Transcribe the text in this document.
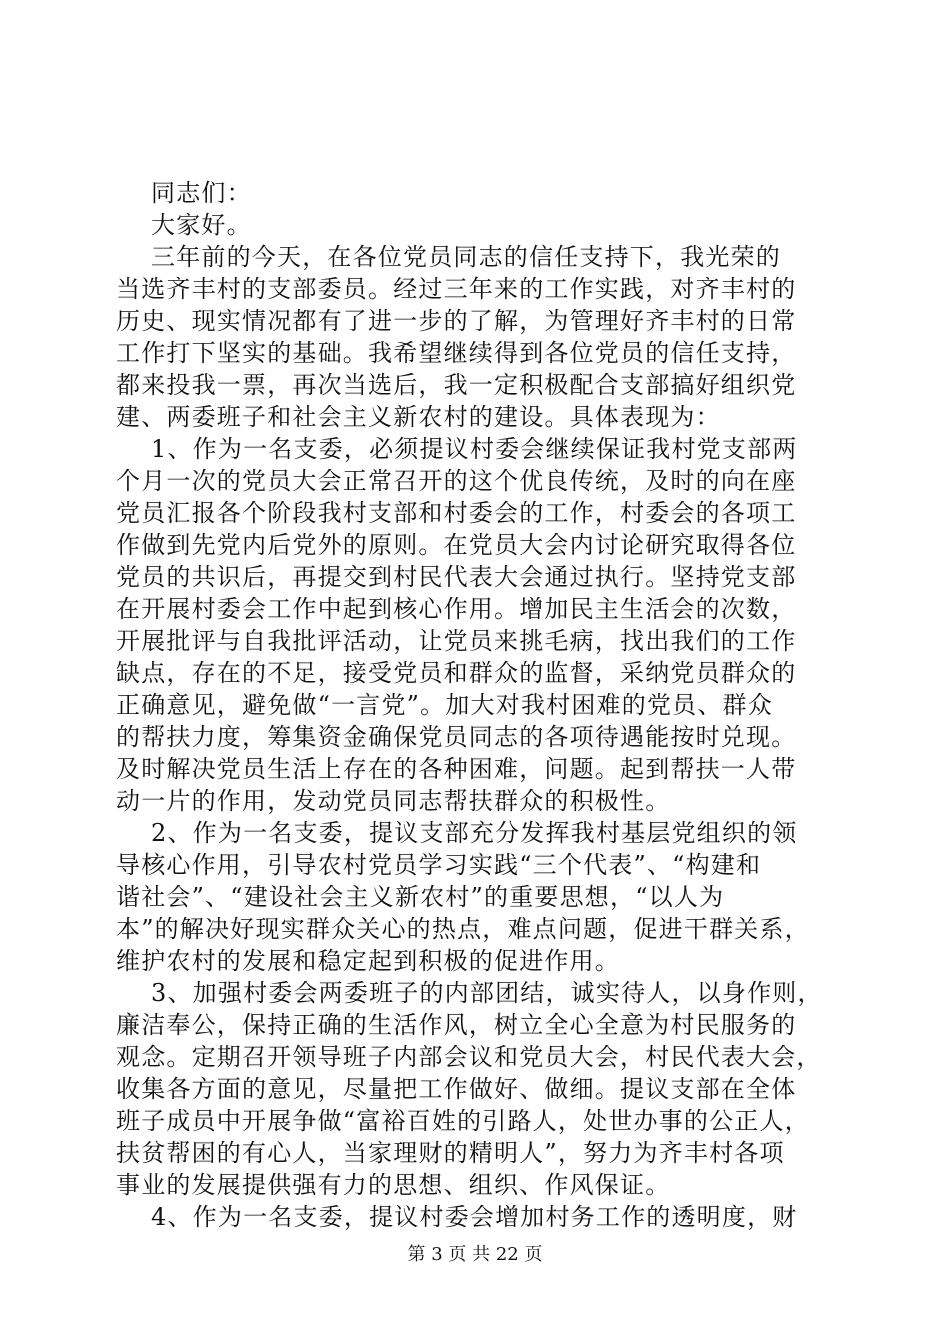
同志们：
大家好。
三年前的今天，在各位党员同志的信任支持下，我光荣的
当选齐丰村的支部委员。经过三年来的工作实践，对齐丰村的
历史、现实情况都有了进一步的了解，为管理好齐丰村的日常
工作打下坚实的基础。我希望继续得到各位党员的信任支持，
都来投我一票，再次当选后，我一定积极配合支部搞好组织党
建、两委班子和社会主义新农村的建设。具体表现为：
1、作为一名支委，必须提议村委会继续保证我村党支部两
个月一次的党员大会正常召开的这个优良传统，及时的向在座
党员汇报各个阶段我村支部和村委会的工作，村委会的各项工
作做到先党内后党外的原则。在党员大会内讨论研究取得各位
党员的共识后，再提交到村民代表大会通过执行。坚持党支部
在开展村委会工作中起到核心作用。增加民主生活会的次数，
开展批评与自我批评活动，让党员来挑毛病，找出我们的工作
缺点，存在的不足，接受党员和群众的监督，采纳党员群众的
正确意见，避免做“一言党”。加大对我村困难的党员、群众
的帮扶力度，筹集资金确保党员同志的各项待遇能按时兑现。
及时解决党员生活上存在的各种困难，问题。起到帮扶一人带
动一片的作用，发动党员同志帮扶群众的积极性。
2、作为一名支委，提议支部充分发挥我村基层党组织的领
导核心作用，引导农村党员学习实践“三个代表”、“构建和
谐社会”、“建设社会主义新农村”的重要思想，“以人为
本”的解决好现实群众关心的热点，难点问题，促进干群关系，
维护农村的发展和稳定起到积极的促进作用。
3、加强村委会两委班子的内部团结，诚实待人，以身作则，
廉洁奉公，保持正确的生活作风，树立全心全意为村民服务的
观念。定期召开领导班子内部会议和党员大会，村民代表大会，
收集各方面的意见，尽量把工作做好、做细。提议支部在全体
班子成员中开展争做“富裕百姓的引路人，处世办事的公正人，
扶贫帮困的有心人，当家理财的精明人”，努力为齐丰村各项
事业的发展提供强有力的思想、组织、作风保证。
4、作为一名支委，提议村委会增加村务工作的透明度，财
第 3 页 共 22 页
